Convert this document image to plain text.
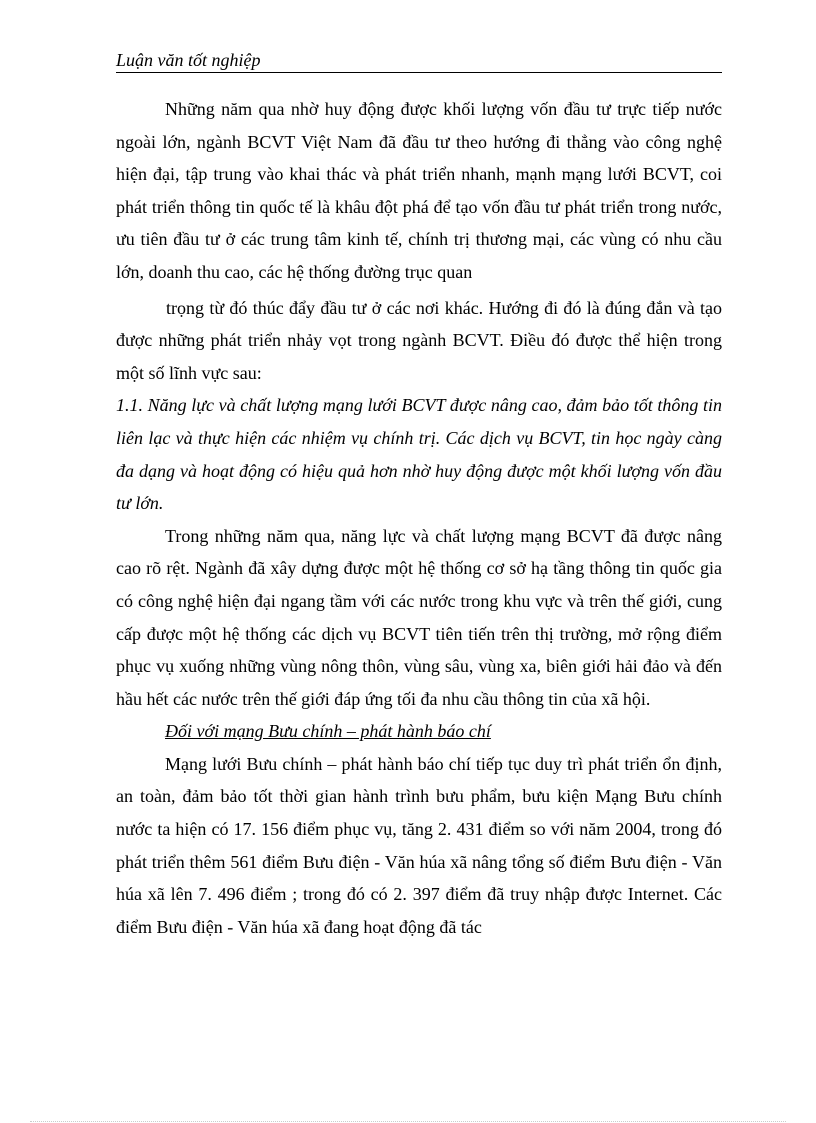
Luận văn tốt nghiệp

Những năm qua nhờ huy động được khối lượng vốn đầu tư trực tiếp nước ngoài lớn, ngành BCVT Việt Nam đã đầu tư theo hướng đi thẳng vào công nghệ hiện đại, tập trung vào khai thác và phát triển nhanh, mạnh mạng lưới BCVT, coi phát triển thông tin quốc tế là khâu đột phá để tạo vốn đầu tư phát triển trong nước, ưu tiên đầu tư ở các trung tâm kinh tế, chính trị thương mại, các vùng có nhu cầu lớn, doanh thu cao, các hệ thống đường trục quan

trọng từ đó thúc đẩy đầu tư ở các nơi khác. Hướng đi đó là đúng đắn và tạo được những phát triển nhảy vọt trong ngành BCVT. Điều đó được thể hiện trong một số lĩnh vực sau:

1.1. Năng lực và chất lượng mạng lưới BCVT được nâng cao, đảm bảo tốt thông tin liên lạc và thực hiện các nhiệm vụ chính trị. Các dịch vụ BCVT, tin học ngày càng đa dạng và hoạt động có hiệu quả hơn nhờ huy động được một khối lượng vốn đầu tư lớn.

Trong những năm qua, năng lực và chất lượng mạng BCVT đã được nâng cao rõ rệt. Ngành đã xây dựng được một hệ thống cơ sở hạ tầng thông tin quốc gia có công nghệ hiện đại ngang tầm với các nước trong khu vực và trên thế giới, cung cấp được một hệ thống các dịch vụ BCVT tiên tiến trên thị trường, mở rộng điểm phục vụ xuống những vùng nông thôn, vùng sâu, vùng xa, biên giới hải đảo và đến hầu hết các nước trên thế giới đáp ứng tối đa nhu cầu thông tin của xã hội.

Đối với mạng Bưu chính – phát hành báo chí

Mạng lưới Bưu chính – phát hành báo chí tiếp tục duy trì phát triển ổn định, an toàn, đảm bảo tốt thời gian hành trình bưu phẩm, bưu kiện Mạng Bưu chính nước ta hiện có 17. 156 điểm phục vụ, tăng 2. 431 điểm so với năm 2004, trong đó phát triển thêm 561 điểm Bưu điện - Văn húa xã nâng tổng số điểm Bưu điện - Văn húa xã lên 7. 496 điểm ; trong đó có 2. 397 điểm đã truy nhập được Internet. Các điểm Bưu điện - Văn húa xã đang hoạt động đã tác
